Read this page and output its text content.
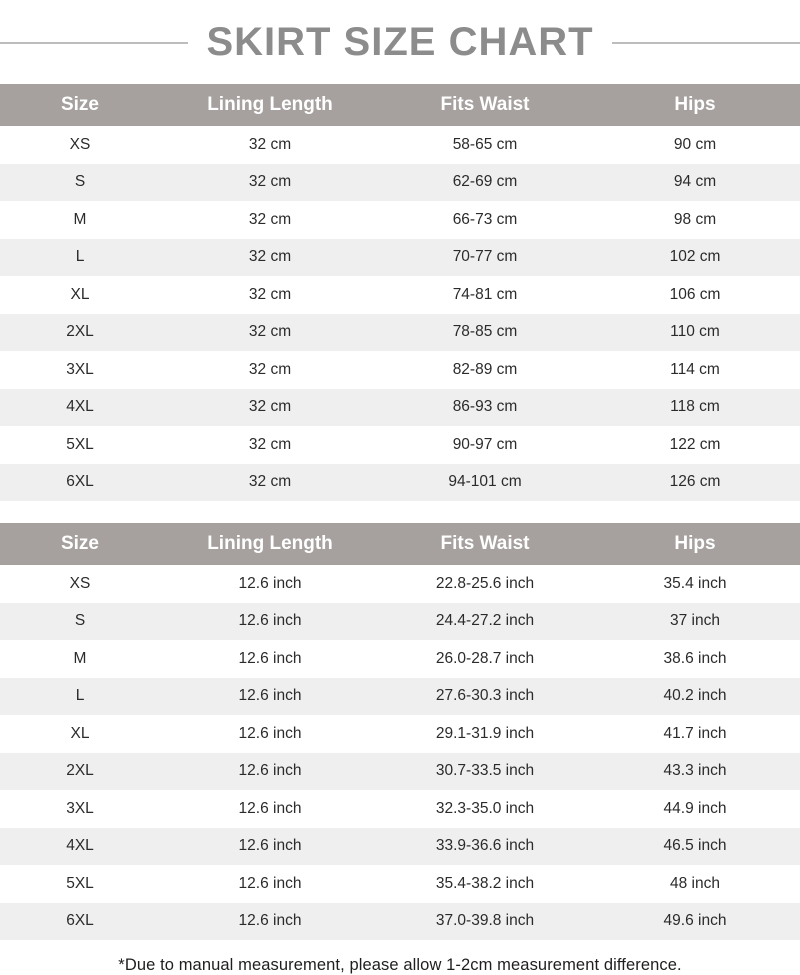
SKIRT SIZE CHART
Size	Lining Length	Fits Waist	Hips
XS	32 cm	58-65 cm	90 cm
S	32 cm	62-69 cm	94 cm
M	32 cm	66-73 cm	98 cm
L	32 cm	70-77 cm	102 cm
XL	32 cm	74-81 cm	106 cm
2XL	32 cm	78-85 cm	110 cm
3XL	32 cm	82-89 cm	114 cm
4XL	32 cm	86-93 cm	118 cm
5XL	32 cm	90-97 cm	122 cm
6XL	32 cm	94-101 cm	126 cm
Size	Lining Length	Fits Waist	Hips
XS	12.6 inch	22.8-25.6 inch	35.4 inch
S	12.6 inch	24.4-27.2 inch	37 inch
M	12.6 inch	26.0-28.7 inch	38.6 inch
L	12.6 inch	27.6-30.3 inch	40.2 inch
XL	12.6 inch	29.1-31.9 inch	41.7 inch
2XL	12.6 inch	30.7-33.5 inch	43.3 inch
3XL	12.6 inch	32.3-35.0 inch	44.9 inch
4XL	12.6 inch	33.9-36.6 inch	46.5 inch
5XL	12.6 inch	35.4-38.2 inch	48 inch
6XL	12.6 inch	37.0-39.8 inch	49.6 inch
*Due to manual measurement, please allow 1-2cm measurement difference.
